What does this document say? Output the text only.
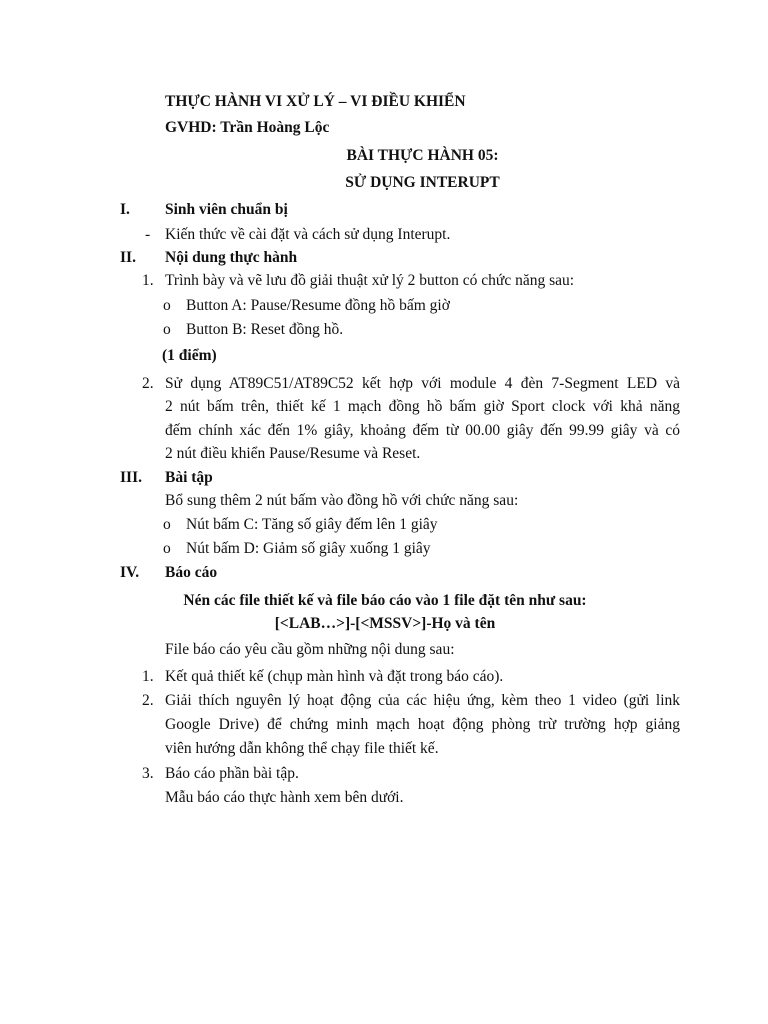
THỰC HÀNH VI XỬ LÝ – VI ĐIỀU KHIỂN
GVHD: Trần Hoàng Lộc
BÀI THỰC HÀNH 05:
SỬ DỤNG INTERUPT
I. Sinh viên chuẩn bị
- Kiến thức về cài đặt và cách sử dụng Interupt.
II. Nội dung thực hành
1. Trình bày và vẽ lưu đồ giải thuật xử lý 2 button có chức năng sau:
o Button A: Pause/Resume đồng hồ bấm giờ
o Button B: Reset đồng hồ.
(1 điểm)
2. Sử dụng AT89C51/AT89C52 kết hợp với module 4 đèn 7-Segment LED và
2 nút bấm trên, thiết kế 1 mạch đồng hồ bấm giờ Sport clock với khả năng
đếm chính xác đến 1% giây, khoảng đếm từ 00.00 giây đến 99.99 giây và có
2 nút điều khiển Pause/Resume và Reset.
III. Bài tập
Bổ sung thêm 2 nút bấm vào đồng hồ với chức năng sau:
o Nút bấm C: Tăng số giây đếm lên 1 giây
o Nút bấm D: Giảm số giây xuống 1 giây
IV. Báo cáo
Nén các file thiết kế và file báo cáo vào 1 file đặt tên như sau:
[<LAB…>]-[<MSSV>]-Họ và tên
File báo cáo yêu cầu gồm những nội dung sau:
1. Kết quả thiết kế (chụp màn hình và đặt trong báo cáo).
2. Giải thích nguyên lý hoạt động của các hiệu ứng, kèm theo 1 video (gửi link
Google Drive) để chứng minh mạch hoạt động phòng trừ trường hợp giảng
viên hướng dẫn không thể chạy file thiết kế.
3. Báo cáo phần bài tập.
Mẫu báo cáo thực hành xem bên dưới.
